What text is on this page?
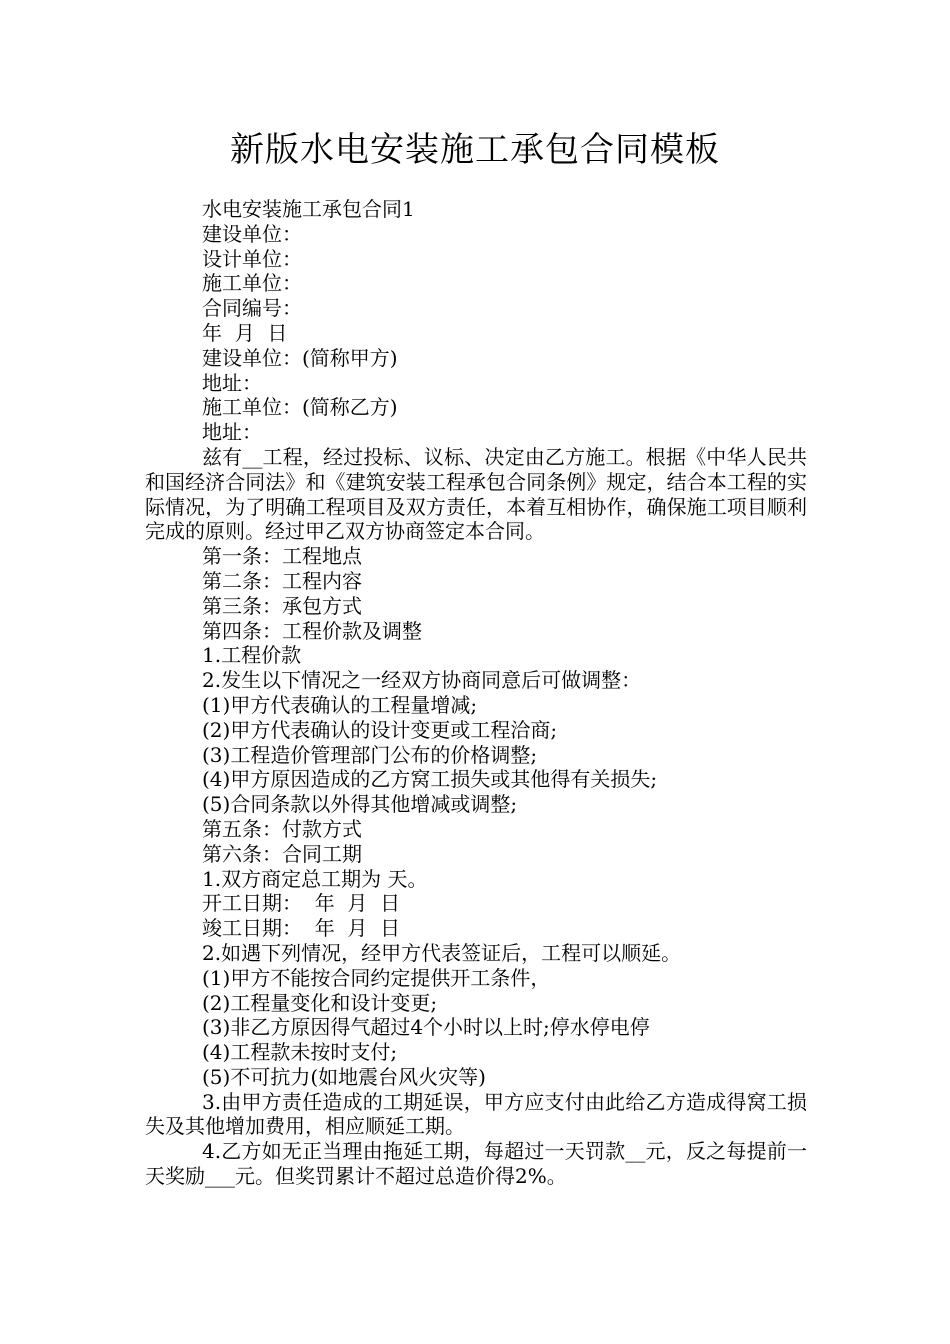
新版水电安装施工承包合同模板

水电安装施工承包合同1

建设单位：

设计单位：

施工单位：

合同编号：

年  月  日

建设单位：(简称甲方)

地址：

施工单位：(简称乙方)

地址：

兹有__工程，经过投标、议标、决定由乙方施工。根据《中华人民共和国经济合同法》和《建筑安装工程承包合同条例》规定，结合本工程的实际情况，为了明确工程项目及双方责任，本着互相协作，确保施工项目顺利完成的原则。经过甲乙双方协商签定本合同。

第一条：工程地点

第二条：工程内容

第三条：承包方式

第四条：工程价款及调整

1.工程价款

2.发生以下情况之一经双方协商同意后可做调整：

(1)甲方代表确认的工程量增减;

(2)甲方代表确认的设计变更或工程洽商;

(3)工程造价管理部门公布的价格调整;

(4)甲方原因造成的乙方窝工损失或其他得有关损失;

(5)合同条款以外得其他增减或调整;

第五条：付款方式

第六条：合同工期

1.双方商定总工期为 天。

开工日期：  年  月  日

竣工日期：  年  月  日

2.如遇下列情况，经甲方代表签证后，工程可以顺延。

(1)甲方不能按合同约定提供开工条件，

(2)工程量变化和设计变更;

(3)非乙方原因得气超过4个小时以上时;停水停电停

(4)工程款未按时支付;

(5)不可抗力(如地震台风火灾等)

3.由甲方责任造成的工期延误，甲方应支付由此给乙方造成得窝工损失及其他增加费用，相应顺延工期。

4.乙方如无正当理由拖延工期，每超过一天罚款__元，反之每提前一天奖励___元。但奖罚累计不超过总造价得2%。
